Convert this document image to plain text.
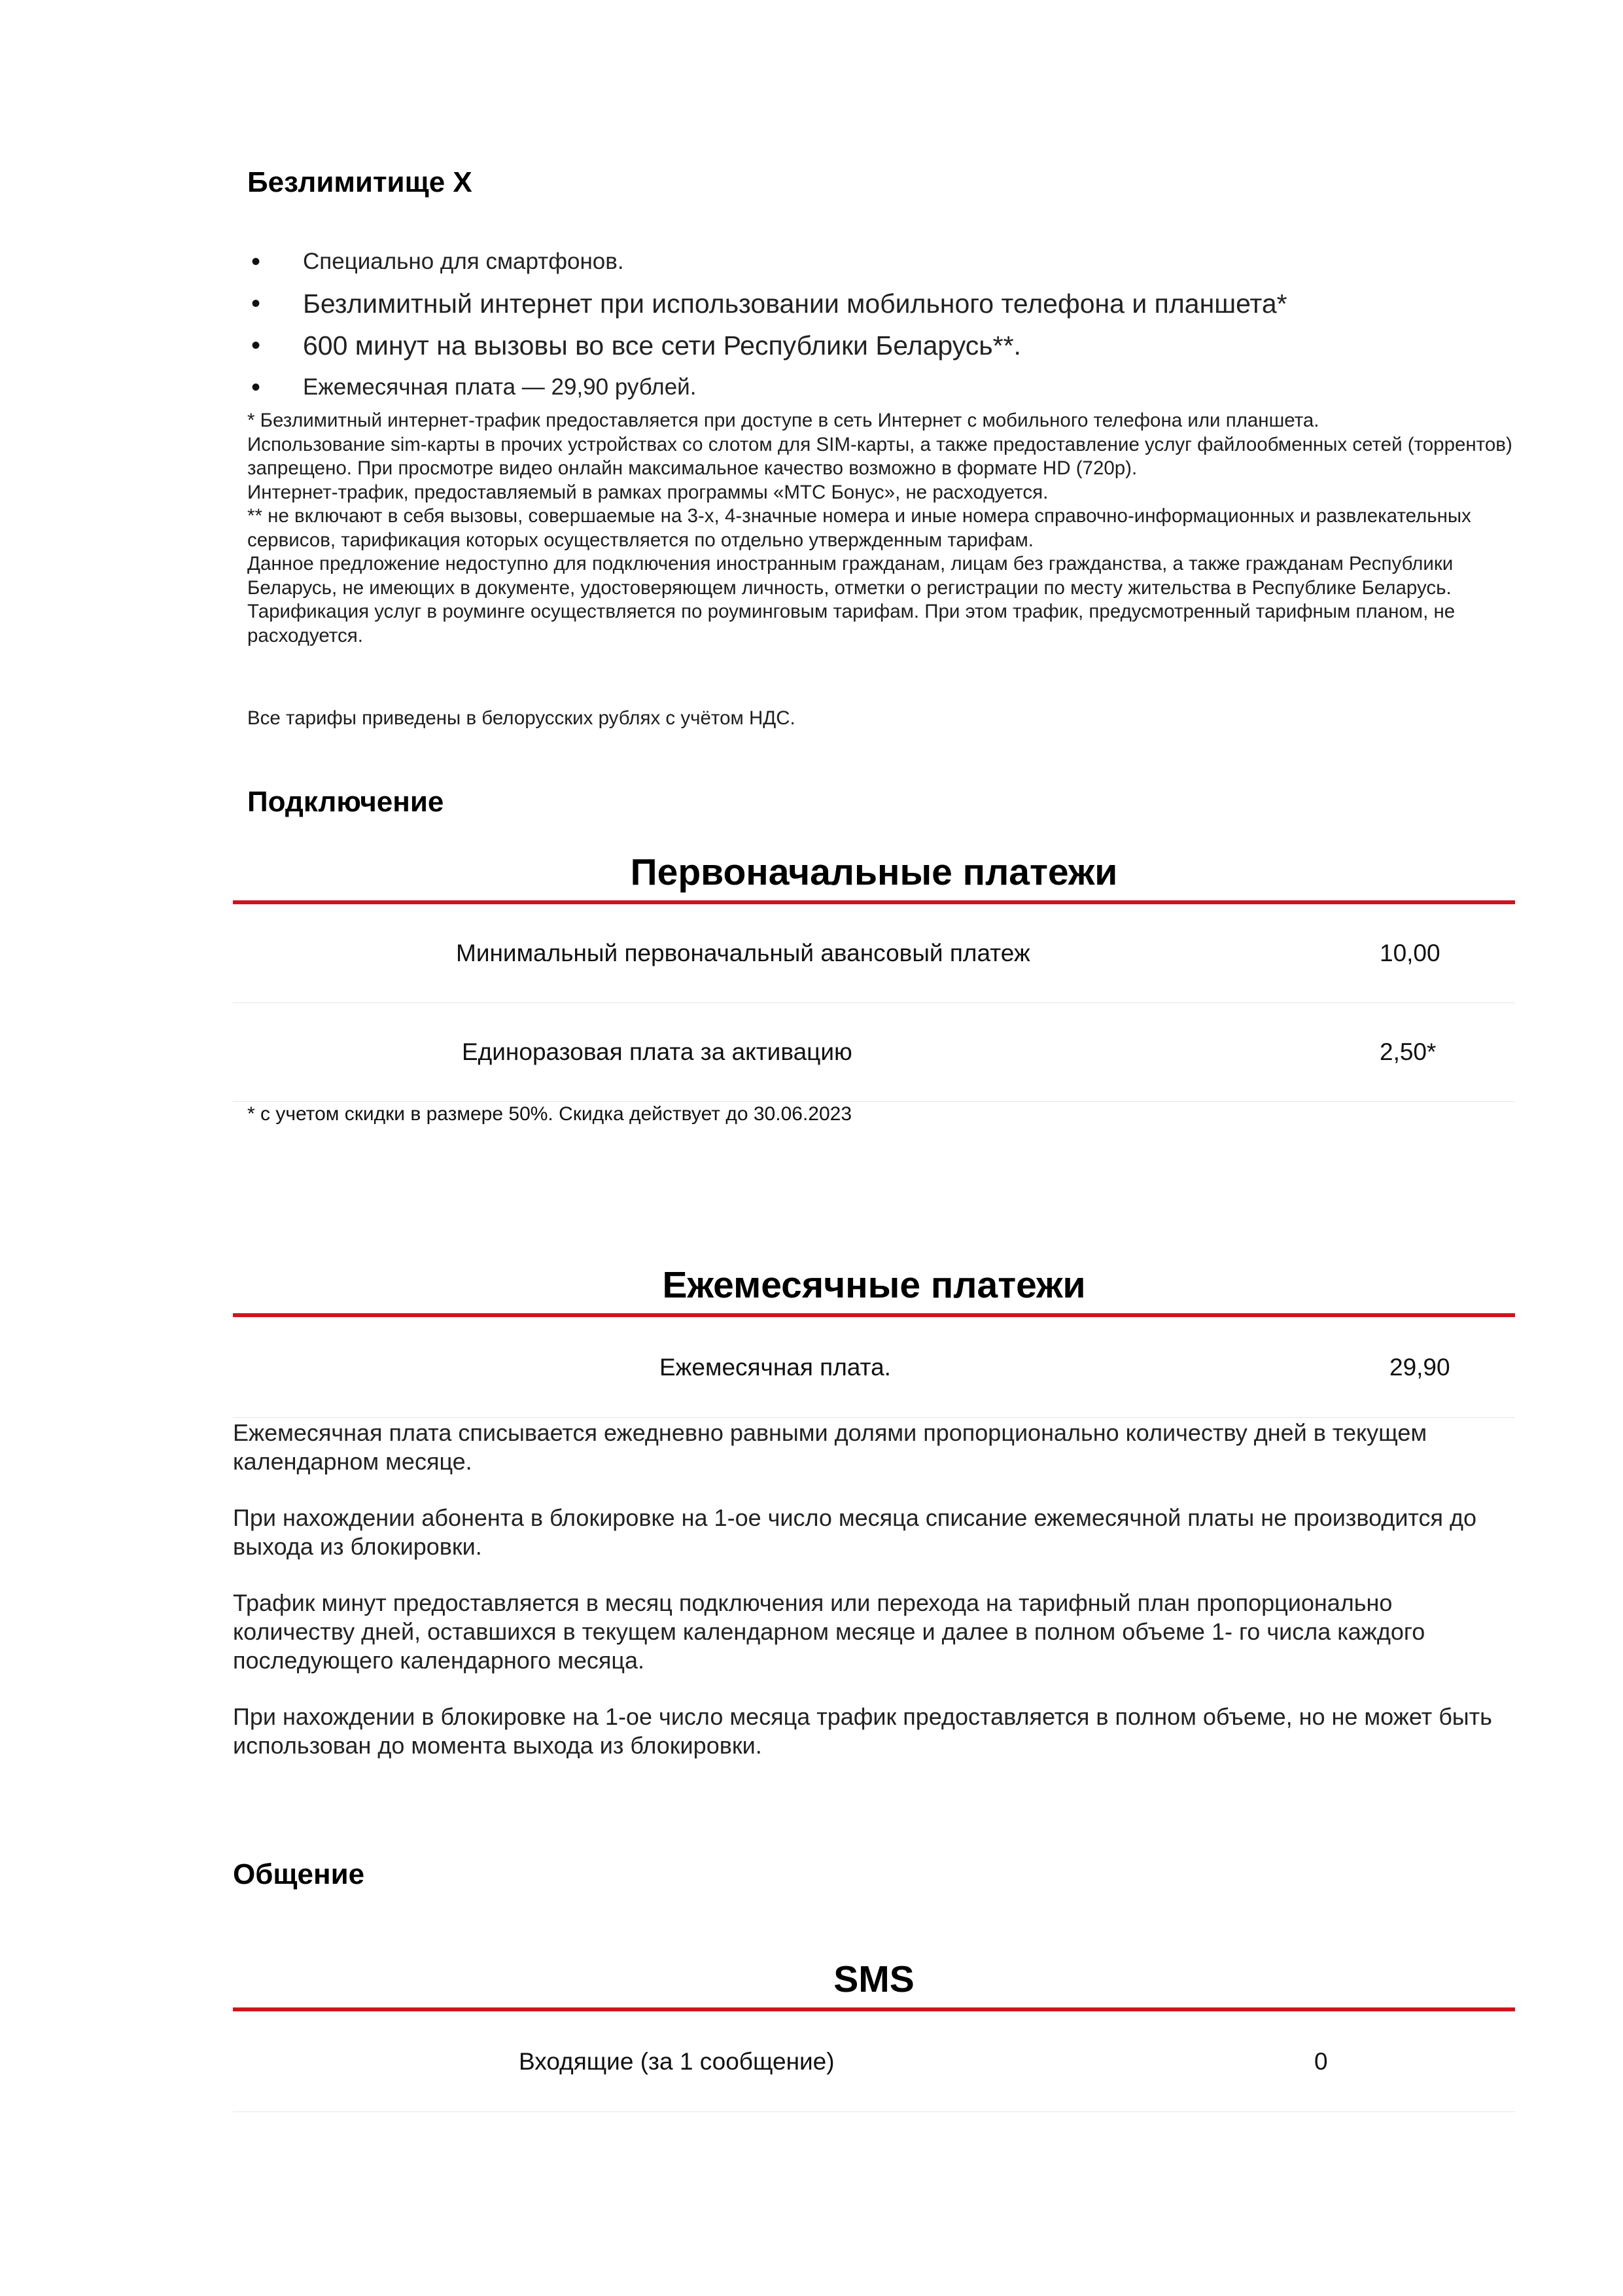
Безлимитище Х
• Специально для смартфонов.
• Безлимитный интернет при использовании мобильного телефона и планшета*
• 600 минут на вызовы во все сети Республики Беларусь**.
• Ежемесячная плата — 29,90 рублей.

* Безлимитный интернет-трафик предоставляется при доступе в сеть Интернет с мобильного телефона или планшета.

Использование sim-карты в прочих устройствах со слотом для SIM-карты, а также предоставление услуг файлообменных сетей (торрентов) запрещено. При просмотре видео онлайн максимальное качество возможно в формате HD (720p).

Интернет-трафик, предоставляемый в рамках программы «МТС Бонус», не расходуется.

** не включают в себя вызовы, совершаемые на 3-х, 4-значные номера и иные номера справочно-информационных и развлекательных сервисов, тарификация которых осуществляется по отдельно утвержденным тарифам.

Данное предложение недоступно для подключения иностранным гражданам, лицам без гражданства, а также гражданам Республики Беларусь, не имеющих в документе, удостоверяющем личность, отметки о регистрации по месту жительства в Республике Беларусь.

Тарификация услуг в роуминге осуществляется по роуминговым тарифам. При этом трафик, предусмотренный тарифным планом, не расходуется.

Все тарифы приведены в белорусских рублях с учётом НДС.

Подключение
Первоначальные платежи
Минимальный первоначальный авансовый платеж	10,00
Единоразовая плата за активацию	2,50*

* с учетом скидки в размере 50%. Скидка действует до 30.06.2023

Ежемесячные платежи
Ежемесячная плата.	29,90

Ежемесячная плата списывается ежедневно равными долями пропорционально количеству дней в текущем календарном месяце.

При нахождении абонента в блокировке на 1-ое число месяца списание ежемесячной платы не производится до выхода из блокировки.

Трафик минут предоставляется в месяц подключения или перехода на тарифный план пропорционально количеству дней, оставшихся в текущем календарном месяце и далее в полном объеме 1- го числа каждого последующего календарного месяца.

При нахождении в блокировке на 1-ое число месяца трафик предоставляется в полном объеме, но не может быть использован до момента выхода из блокировки.

Общение
SMS
Входящие (за 1 сообщение)	0
